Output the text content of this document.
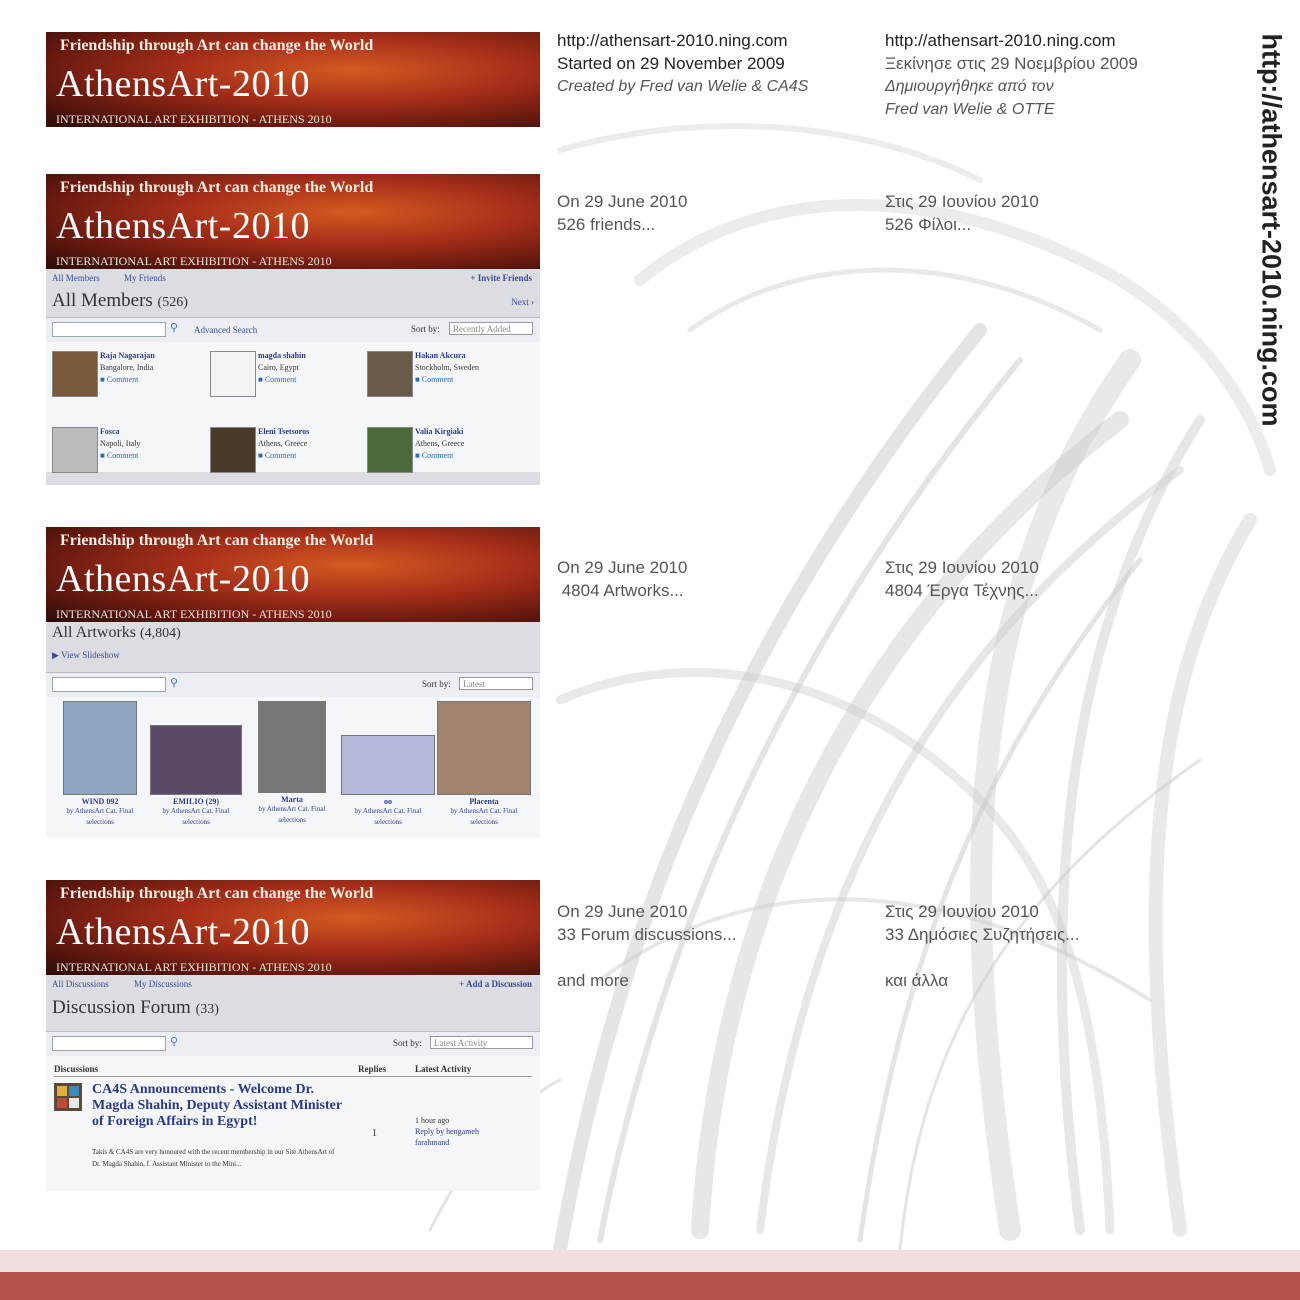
Friendship through Art can change the World
AthensArt-2010
INTERNATIONAL ART EXHIBITION - ATHENS 2010
Friendship through Art can change the World
AthensArt-2010
INTERNATIONAL ART EXHIBITION - ATHENS 2010
All Members	My Friends	+ Invite Friends
All Members (526)	Next ›
⚲ Advanced Search	Sort by:	Recently Added
Raja Nagarajan
Bangalore, India
■ Comment
magda shahin
Cairo, Egypt
■ Comment
Hakan Akcura
Stockholm, Sweden
■ Comment
Fosca
Napoli, Italy
■ Comment
Eleni Tsetsoros
Athens, Greece
■ Comment
Valia Kirgiaki
Athens, Greece
■ Comment
Friendship through Art can change the World
AthensArt-2010
INTERNATIONAL ART EXHIBITION - ATHENS 2010
All Artworks (4,804)
▶ View Slideshow
⚲	Sort by:	Latest
WIND 092
by AthensArt Cat. Final selections
EMILIO (29)
by AthensArt Cat. Final selections
Marta
by AthensArt Cat. Final selections
oo
by AthensArt Cat. Final selections
Placenta
by AthensArt Cat. Final selections
Friendship through Art can change the World
AthensArt-2010
INTERNATIONAL ART EXHIBITION - ATHENS 2010
All Discussions	My Discussions	+ Add a Discussion
Discussion Forum (33)
⚲	Sort by:	Latest Activity
Discussions	Replies	Latest Activity
CA4S Announcements - Welcome Dr. Magda Shahin, Deputy Assistant Minister of Foreign Affairs in Egypt!
Takis & CA4S are very honoured with the recent membership in our Site AthensArt of Dr. Magda Shahin, f. Assistant Minister to the Mini...
1
1 hour ago
Reply by hengameh farahmand
http://athensart-2010.ning.com
Started on 29 November 2009
Created by Fred van Welie & CA4S
http://athensart-2010.ning.com
Ξεκίνησε στις 29 Νοεμβρίου 2009
Δημιουργήθηκε από τον
Fred van Welie & OTTE
On 29 June 2010
526 friends...
Στις 29 Ιουνίου 2010
526 Φίλοι...
On 29 June 2010
4804 Artworks...
Στις 29 Ιουνίου 2010
4804 Έργα Τέχνης...
On 29 June 2010
33 Forum discussions...
and more
Στις 29 Ιουνίου 2010
33 Δημόσιες Συζητήσεις...
και άλλα
http://athensart-2010.ning.com
